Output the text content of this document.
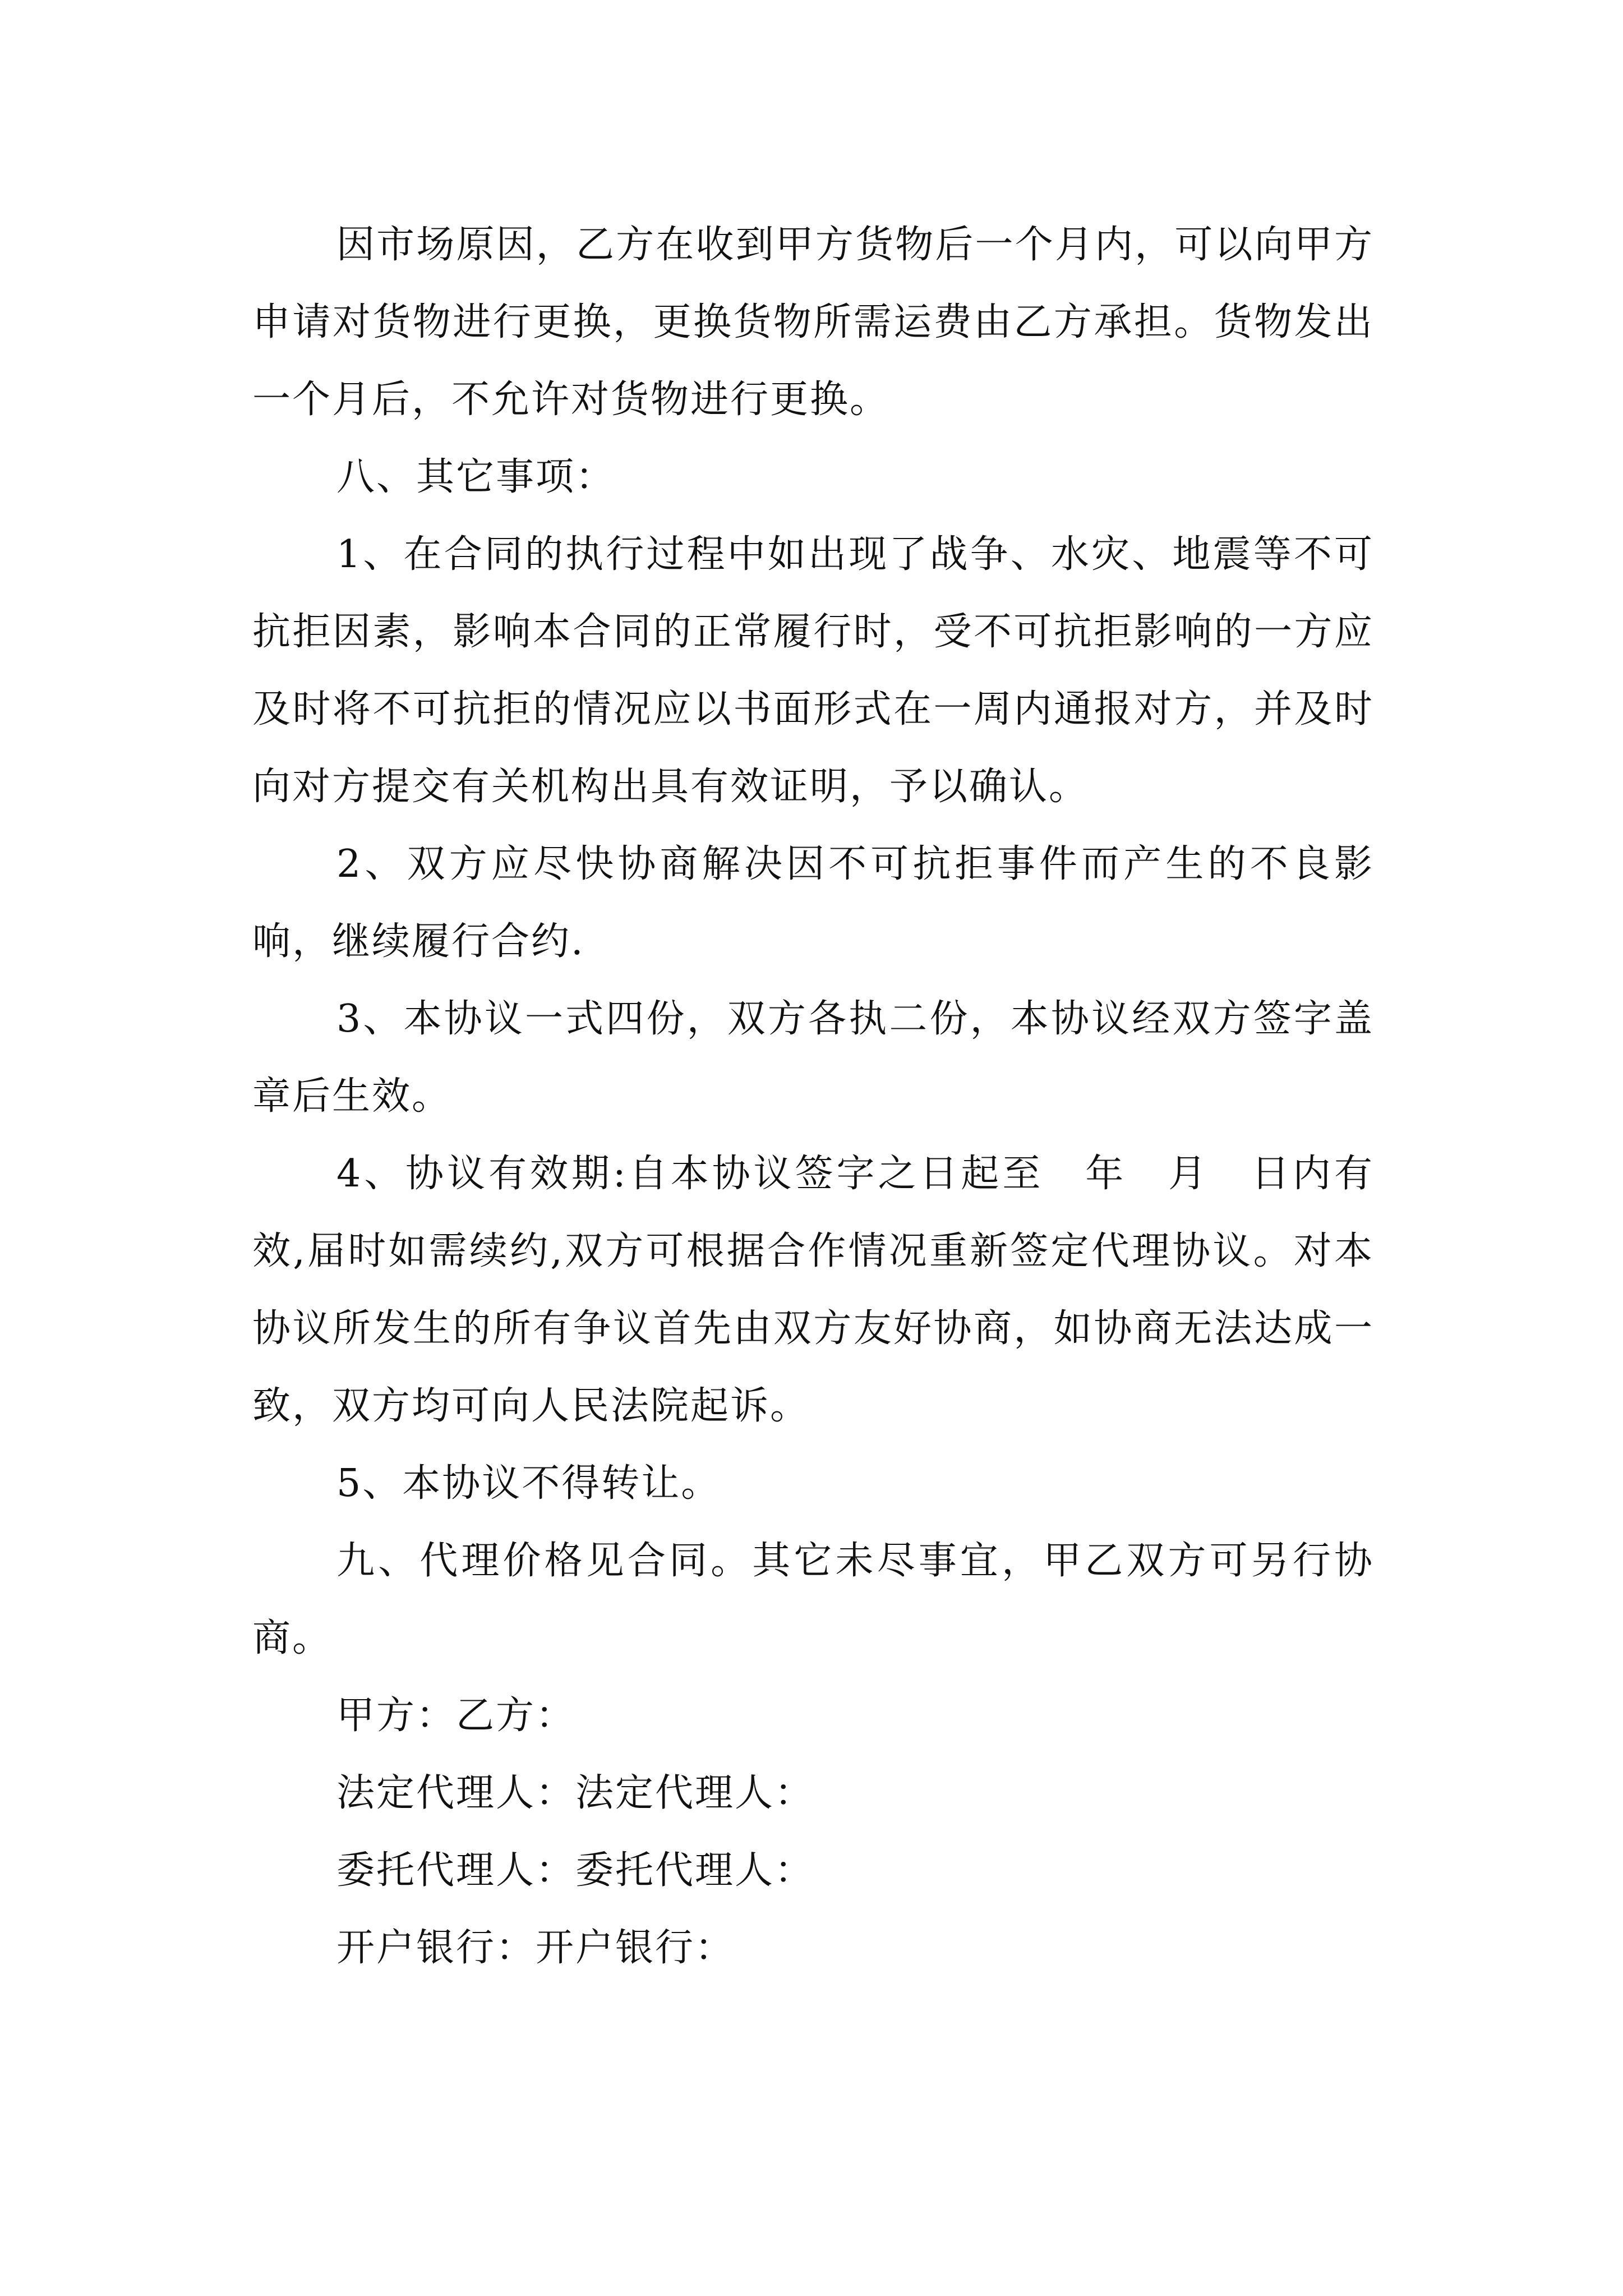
因市场原因，乙方在收到甲方货物后一个月内，可以向甲方申请对货物进行更换，更换货物所需运费由乙方承担。货物发出一个月后，不允许对货物进行更换。

八、其它事项：

1、在合同的执行过程中如出现了战争、水灾、地震等不可抗拒因素，影响本合同的正常履行时，受不可抗拒影响的一方应及时将不可抗拒的情况应以书面形式在一周内通报对方，并及时向对方提交有关机构出具有效证明，予以确认。

2、双方应尽快协商解决因不可抗拒事件而产生的不良影响，继续履行合约.

3、本协议一式四份，双方各执二份，本协议经双方签字盖章后生效。

4、协议有效期:自本协议签字之日起至　年　月　日内有效,届时如需续约,双方可根据合作情况重新签定代理协议。对本协议所发生的所有争议首先由双方友好协商，如协商无法达成一致，双方均可向人民法院起诉。

5、本协议不得转让。

九、代理价格见合同。其它未尽事宜，甲乙双方可另行协商。

甲方：乙方：

法定代理人：法定代理人：

委托代理人：委托代理人：

开户银行：开户银行：
